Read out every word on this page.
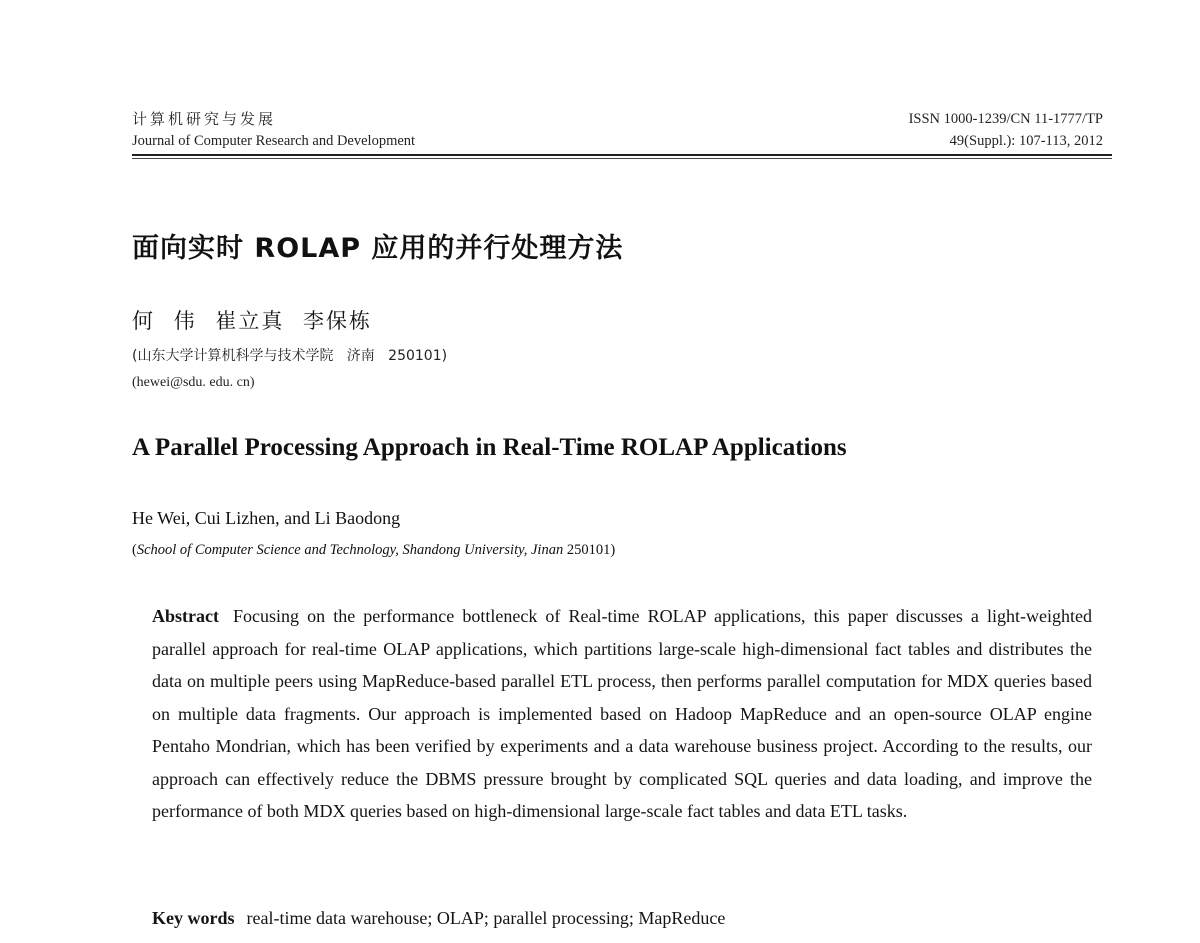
计算机研究与发展
Journal of Computer Research and Development
ISSN 1000-1239/CN 11-1777/TP
49(Suppl.): 107-113, 2012
面向实时 ROLAP 应用的并行处理方法
何 伟 崔立真 李保栋
(山东大学计算机科学与技术学院   济南   250101)
(hewei@sdu. edu. cn)
A Parallel Processing Approach in Real-Time ROLAP Applications
He Wei, Cui Lizhen, and Li Baodong
(School of Computer Science and Technology, Shandong University, Jinan 250101)
Abstract Focusing on the performance bottleneck of Real-time ROLAP applications, this paper discusses a light-weighted parallel approach for real-time OLAP applications, which partitions large-scale high-dimensional fact tables and distributes the data on multiple peers using MapReduce-based parallel ETL process, then performs parallel computation for MDX queries based on multiple data fragments. Our approach is implemented based on Hadoop MapReduce and an open-source OLAP engine Pentaho Mondrian, which has been verified by experiments and a data warehouse business project. According to the results, our approach can effectively reduce the DBMS pressure brought by complicated SQL queries and data loading, and improve the performance of both MDX queries based on high-dimensional large-scale fact tables and data ETL tasks.
Key words real-time data warehouse; OLAP; parallel processing; MapReduce
